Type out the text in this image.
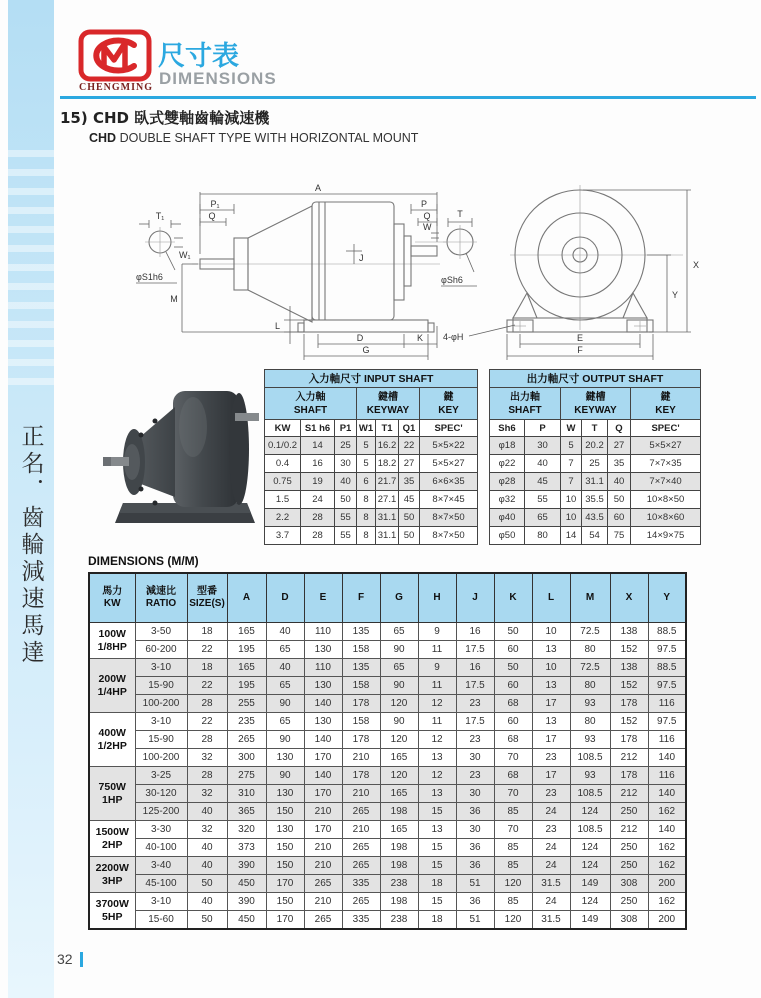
正名．齒輪減速馬達
CHENGMING
尺寸表
DIMENSIONS
15) CHD 臥式雙軸齒輪減速機
CHD DOUBLE SHAFT TYPE WITH HORIZONTAL MOUNT
T₁
W₁
φS1h6
A
P₁
Q
P
Q
M
J
L
D	K
G
T
W
φSh6
X
Y
E
F
4-φH
入力軸尺寸 INPUT SHAFT						
入力軸
SHAFT			鍵槽
KEYWAY			鍵
KEY
KW	S1 h6	P1	W1	T1	Q1	SPEC'
0.1/0.2	14	25	5	16.2	22	5×5×22
0.4	16	30	5	18.2	27	5×5×27
0.75	19	40	6	21.7	35	6×6×35
1.5	24	50	8	27.1	45	8×7×45
2.2	28	55	8	31.1	50	8×7×50
3.7	28	55	8	31.1	50	8×7×50
出力軸尺寸 OUTPUT SHAFT					
出力軸
SHAFT		鍵槽
KEYWAY			鍵
KEY
Sh6	P	W	T	Q	SPEC'
φ18	30	5	20.2	27	5×5×27
φ22	40	7	25	35	7×7×35
φ28	45	7	31.1	40	7×7×40
φ32	55	10	35.5	50	10×8×50
φ40	65	10	43.5	60	10×8×60
φ50	80	14	54	75	14×9×75
DIMENSIONS (M/M)
馬力
KW	減速比
RATIO	型番
SIZE(S)	A	D	E	F	G	H	J	K	L	M	X	Y
100W
1/8HP	3-50	18	165	40	110	135	65	9	16	50	10	72.5	138	88.5
	60-200	22	195	65	130	158	90	11	17.5	60	13	80	152	97.5
200W
1/4HP	3-10	18	165	40	110	135	65	9	16	50	10	72.5	138	88.5
	15-90	22	195	65	130	158	90	11	17.5	60	13	80	152	97.5
	100-200	28	255	90	140	178	120	12	23	68	17	93	178	116
400W
1/2HP	3-10	22	235	65	130	158	90	11	17.5	60	13	80	152	97.5
	15-90	28	265	90	140	178	120	12	23	68	17	93	178	116
	100-200	32	300	130	170	210	165	13	30	70	23	108.5	212	140
750W
1HP	3-25	28	275	90	140	178	120	12	23	68	17	93	178	116
	30-120	32	310	130	170	210	165	13	30	70	23	108.5	212	140
	125-200	40	365	150	210	265	198	15	36	85	24	124	250	162
1500W
2HP	3-30	32	320	130	170	210	165	13	30	70	23	108.5	212	140
	40-100	40	373	150	210	265	198	15	36	85	24	124	250	162
2200W
3HP	3-40	40	390	150	210	265	198	15	36	85	24	124	250	162
	45-100	50	450	170	265	335	238	18	51	120	31.5	149	308	200
3700W
5HP	3-10	40	390	150	210	265	198	15	36	85	24	124	250	162
	15-60	50	450	170	265	335	238	18	51	120	31.5	149	308	200
32
